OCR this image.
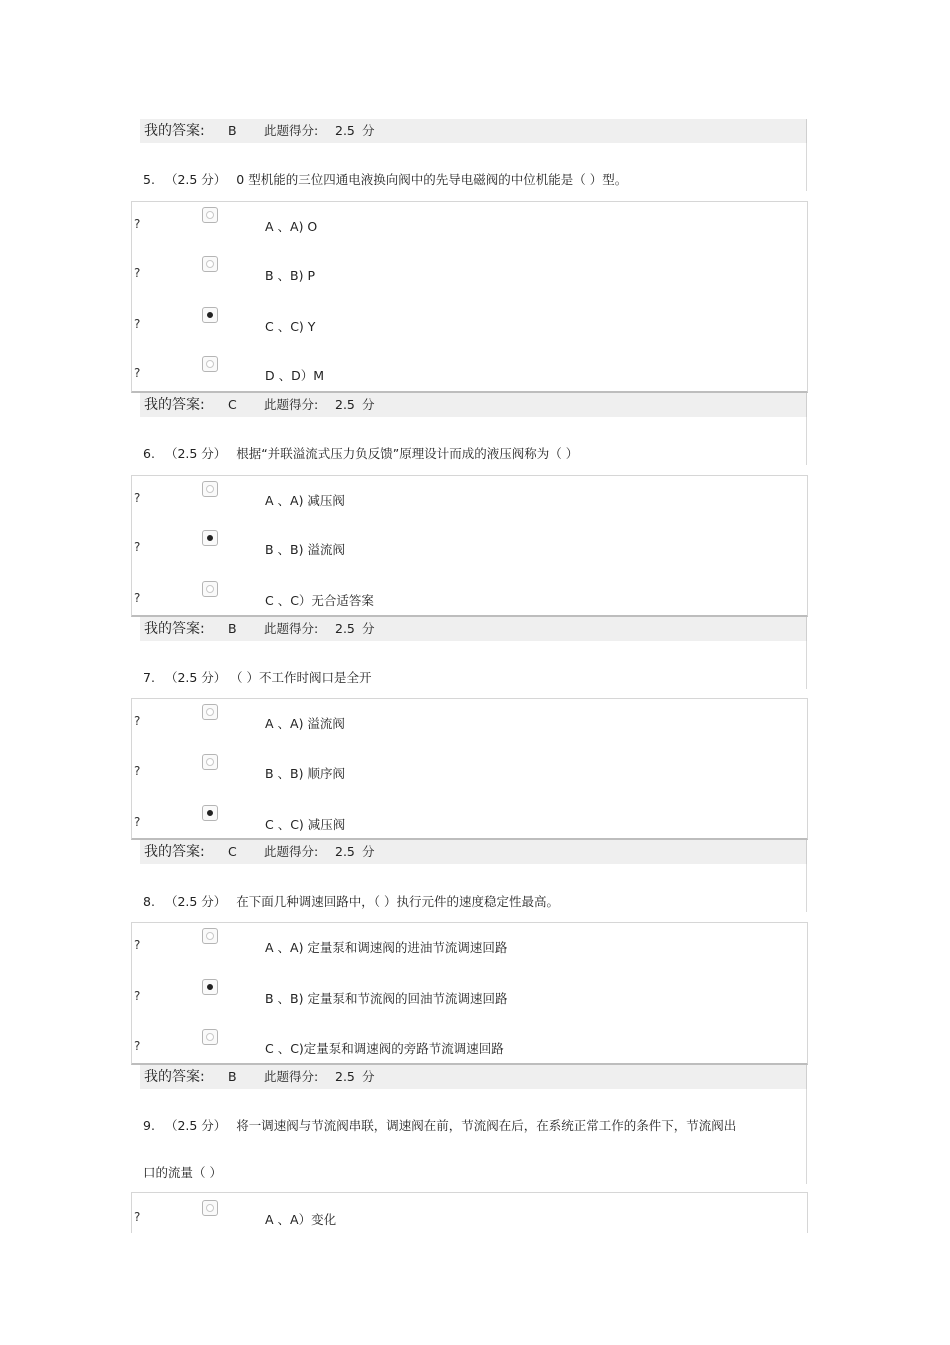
我的答案: B 此题得分: 2.5 分
5. （2.5 分） 0 型机能的三位四通电液换向阀中的先导电磁阀的中位机能是（ ）型。
?	A 、A) O
?	B 、B) P
?	C 、C) Y
?	D 、D）M
我的答案: C 此题得分: 2.5 分
6. （2.5 分） 根据“并联溢流式压力负反馈”原理设计而成的液压阀称为（ ）
?	A 、A) 减压阀
?	B 、B) 溢流阀
?	C 、C）无合适答案
我的答案: B 此题得分: 2.5 分
7. （2.5 分） （ ）不工作时阀口是全开
?	A 、A) 溢流阀
?	B 、B) 顺序阀
?	C 、C) 减压阀
我的答案: C 此题得分: 2.5 分
8. （2.5 分） 在下面几种调速回路中，（ ）执行元件的速度稳定性最高。
?	A 、A) 定量泵和调速阀的进油节流调速回路
?	B 、B) 定量泵和节流阀的回油节流调速回路
?	C 、C)定量泵和调速阀的旁路节流调速回路
我的答案: B 此题得分: 2.5 分
9. （2.5 分） 将一调速阀与节流阀串联，调速阀在前，节流阀在后，在系统正常工作的条件下，节流阀出
口的流量（ ）
?	A 、A）变化
